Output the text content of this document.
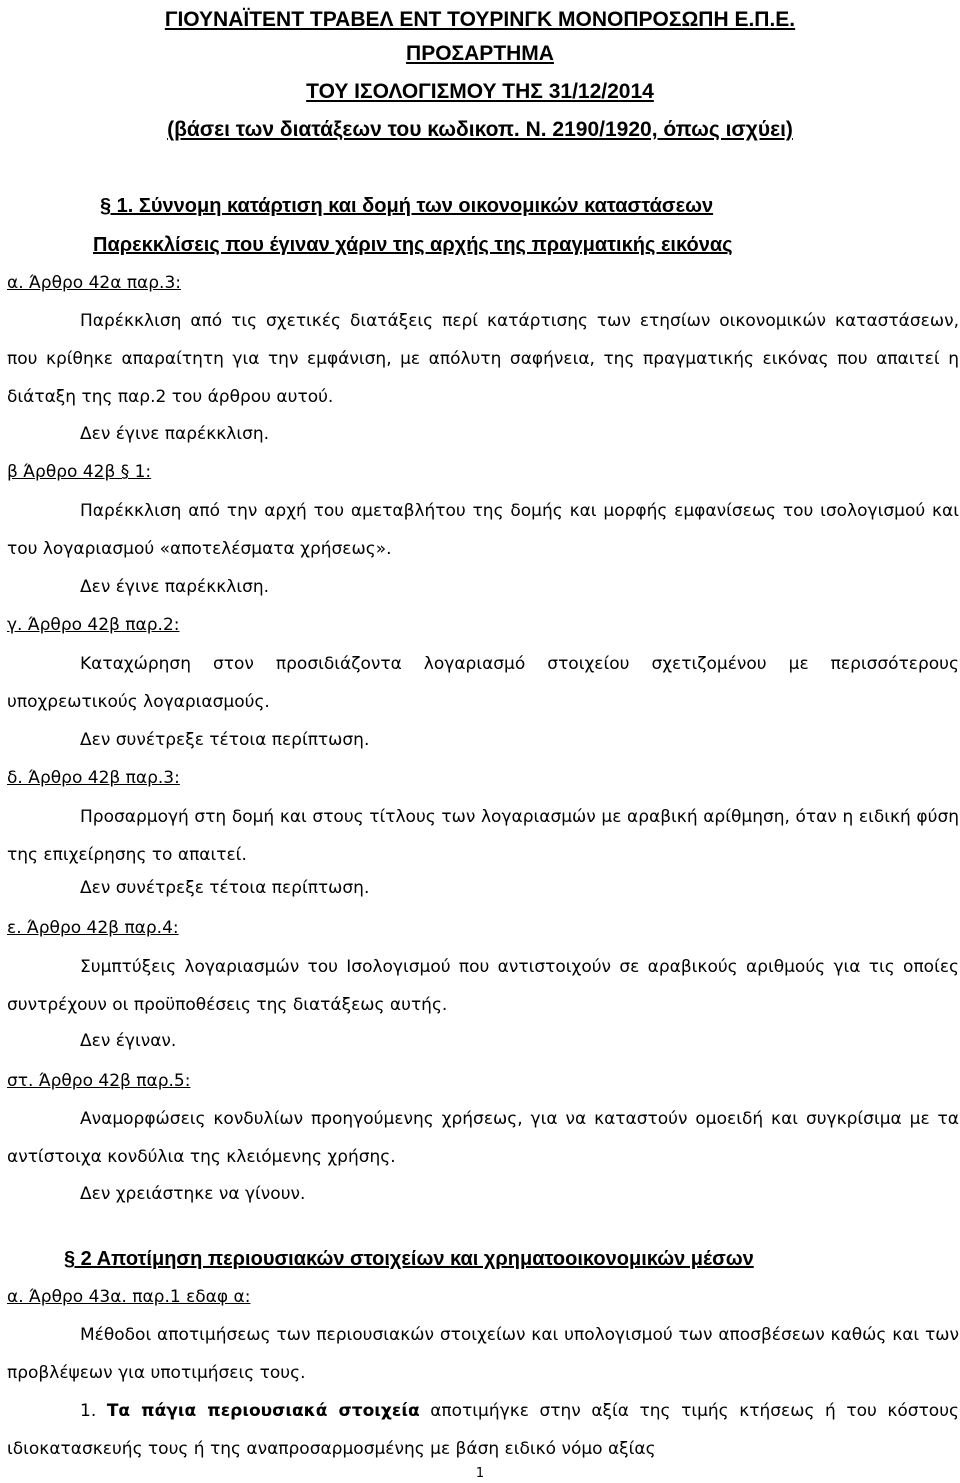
ΓΙΟΥΝΑΪΤΕΝΤ ΤΡΑΒΕΛ ΕΝΤ ΤΟΥΡΙΝΓΚ ΜΟΝΟΠΡΟΣΩΠΗ Ε.Π.Ε.

ΠΡΟΣΑΡΤΗΜΑ

ΤΟΥ ΙΣΟΛΟΓΙΣΜΟΥ ΤΗΣ 31/12/2014

(βάσει των διατάξεων του κωδικοπ. Ν. 2190/1920, όπως ισχύει)

§ 1. Σύννομη κατάρτιση και δομή των οικονομικών καταστάσεων
Παρεκκλίσεις που έγιναν χάριν της αρχής της πραγματικής εικόνας
α. Άρθρο 42α παρ.3:

Παρέκκλιση από τις σχετικές διατάξεις περί κατάρτισης των ετησίων οικονομικών καταστάσεων, που κρίθηκε απαραίτητη για την εμφάνιση, με απόλυτη σαφήνεια, της πραγματικής εικόνας που απαιτεί η διάταξη της παρ.2 του άρθρου αυτού.

Δεν έγινε παρέκκλιση.
β Άρθρο 42β § 1:

Παρέκκλιση από την αρχή του αμεταβλήτου της δομής και μορφής εμφανίσεως του ισολογισμού και του λογαριασμού «αποτελέσματα χρήσεως».

Δεν έγινε παρέκκλιση.
γ. Άρθρο 42β παρ.2:

Καταχώρηση στον προσιδιάζοντα λογαριασμό στοιχείου σχετιζομένου με περισσότερους υποχρεωτικούς λογαριασμούς.

Δεν συνέτρεξε τέτοια περίπτωση.
δ. Άρθρο 42β παρ.3:

Προσαρμογή στη δομή και στους τίτλους των λογαριασμών με αραβική αρίθμηση, όταν η ειδική φύση της επιχείρησης το απαιτεί.

Δεν συνέτρεξε τέτοια περίπτωση.
ε. Άρθρο 42β παρ.4:

Συμπτύξεις λογαριασμών του Ισολογισμού που αντιστοιχούν σε αραβικούς αριθμούς για τις οποίες συντρέχουν οι προϋποθέσεις της διατάξεως αυτής.

Δεν έγιναν.
στ. Άρθρο 42β παρ.5:

Αναμορφώσεις κονδυλίων προηγούμενης χρήσεως, για να καταστούν ομοειδή και συγκρίσιμα με τα αντίστοιχα κονδύλια της κλειόμενης χρήσης.

Δεν χρειάστηκε να γίνουν.
§ 2 Αποτίμηση περιουσιακών στοιχείων και χρηματοοικονομικών μέσων
α. Άρθρο 43α. παρ.1 εδαφ α:

Μέθοδοι αποτιμήσεως των περιουσιακών στοιχείων και υπολογισμού των αποσβέσεων καθώς και των προβλέψεων για υποτιμήσεις τους.

1. Τα πάγια περιουσιακά στοιχεία αποτιμήγκε στην αξία της τιμής κτήσεως ή του κόστους ιδιοκατασκευής τους ή της αναπροσαρμοσμένης με βάση ειδικό νόμο αξίας

1
